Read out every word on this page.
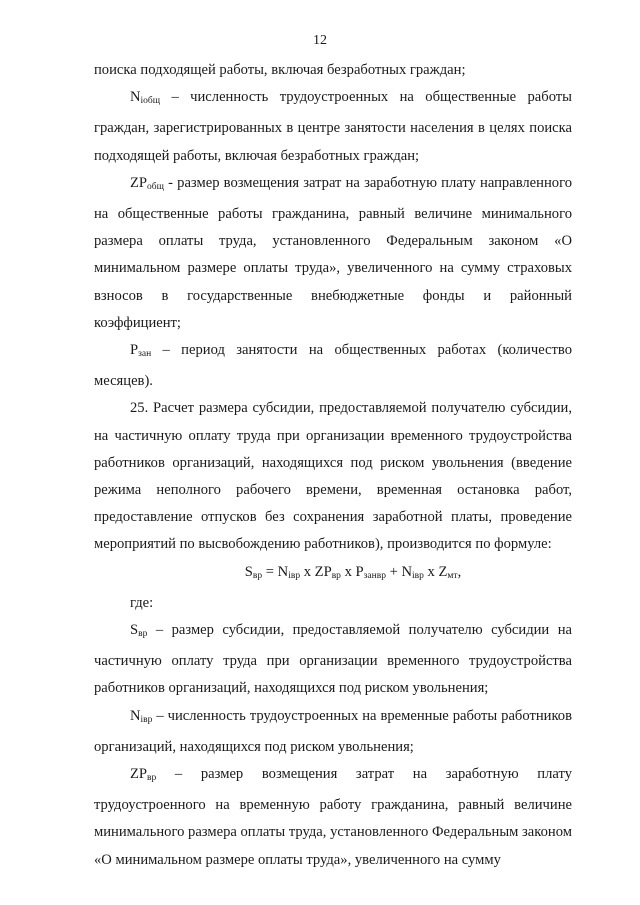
12

поиска подходящей работы, включая безработных граждан;

$N_{iобщ}$ – численность трудоустроенных на общественные работы граждан, зарегистрированных в центре занятости населения в целях поиска подходящей работы, включая безработных граждан;

$ZP_{общ}$ - размер возмещения затрат на заработную плату направленного на общественные работы гражданина, равный величине минимального размера оплаты труда, установленного Федеральным законом «О минимальном размере оплаты труда», увеличенного на сумму страховых взносов в государственные внебюджетные фонды и районный коэффициент;

$P_{зан}$ – период занятости на общественных работах (количество месяцев).

25. Расчет размера субсидии, предоставляемой получателю субсидии, на частичную оплату труда при организации временного трудоустройства работников организаций, находящихся под риском увольнения (введение режима неполного рабочего времени, временная остановка работ, предоставление отпусков без сохранения заработной платы, проведение мероприятий по высвобождению работников), производится по формуле:

$S_{вр} = N_{iвр}$ x $ZP_{вр}$ x $P_{занвр} + N_{iвр}$ x $Z_{мт}$,

где:

$S_{вр}$ – размер субсидии, предоставляемой получателю субсидии на частичную оплату труда при организации временного трудоустройства работников организаций, находящихся под риском увольнения;

$N_{iвр}$ – численность трудоустроенных на временные работы работников организаций, находящихся под риском увольнения;

$ZP_{вр}$ – размер возмещения затрат на заработную плату трудоустроенного на временную работу гражданина, равный величине минимального размера оплаты труда, установленного Федеральным законом «О минимальном размере оплаты труда», увеличенного на сумму
